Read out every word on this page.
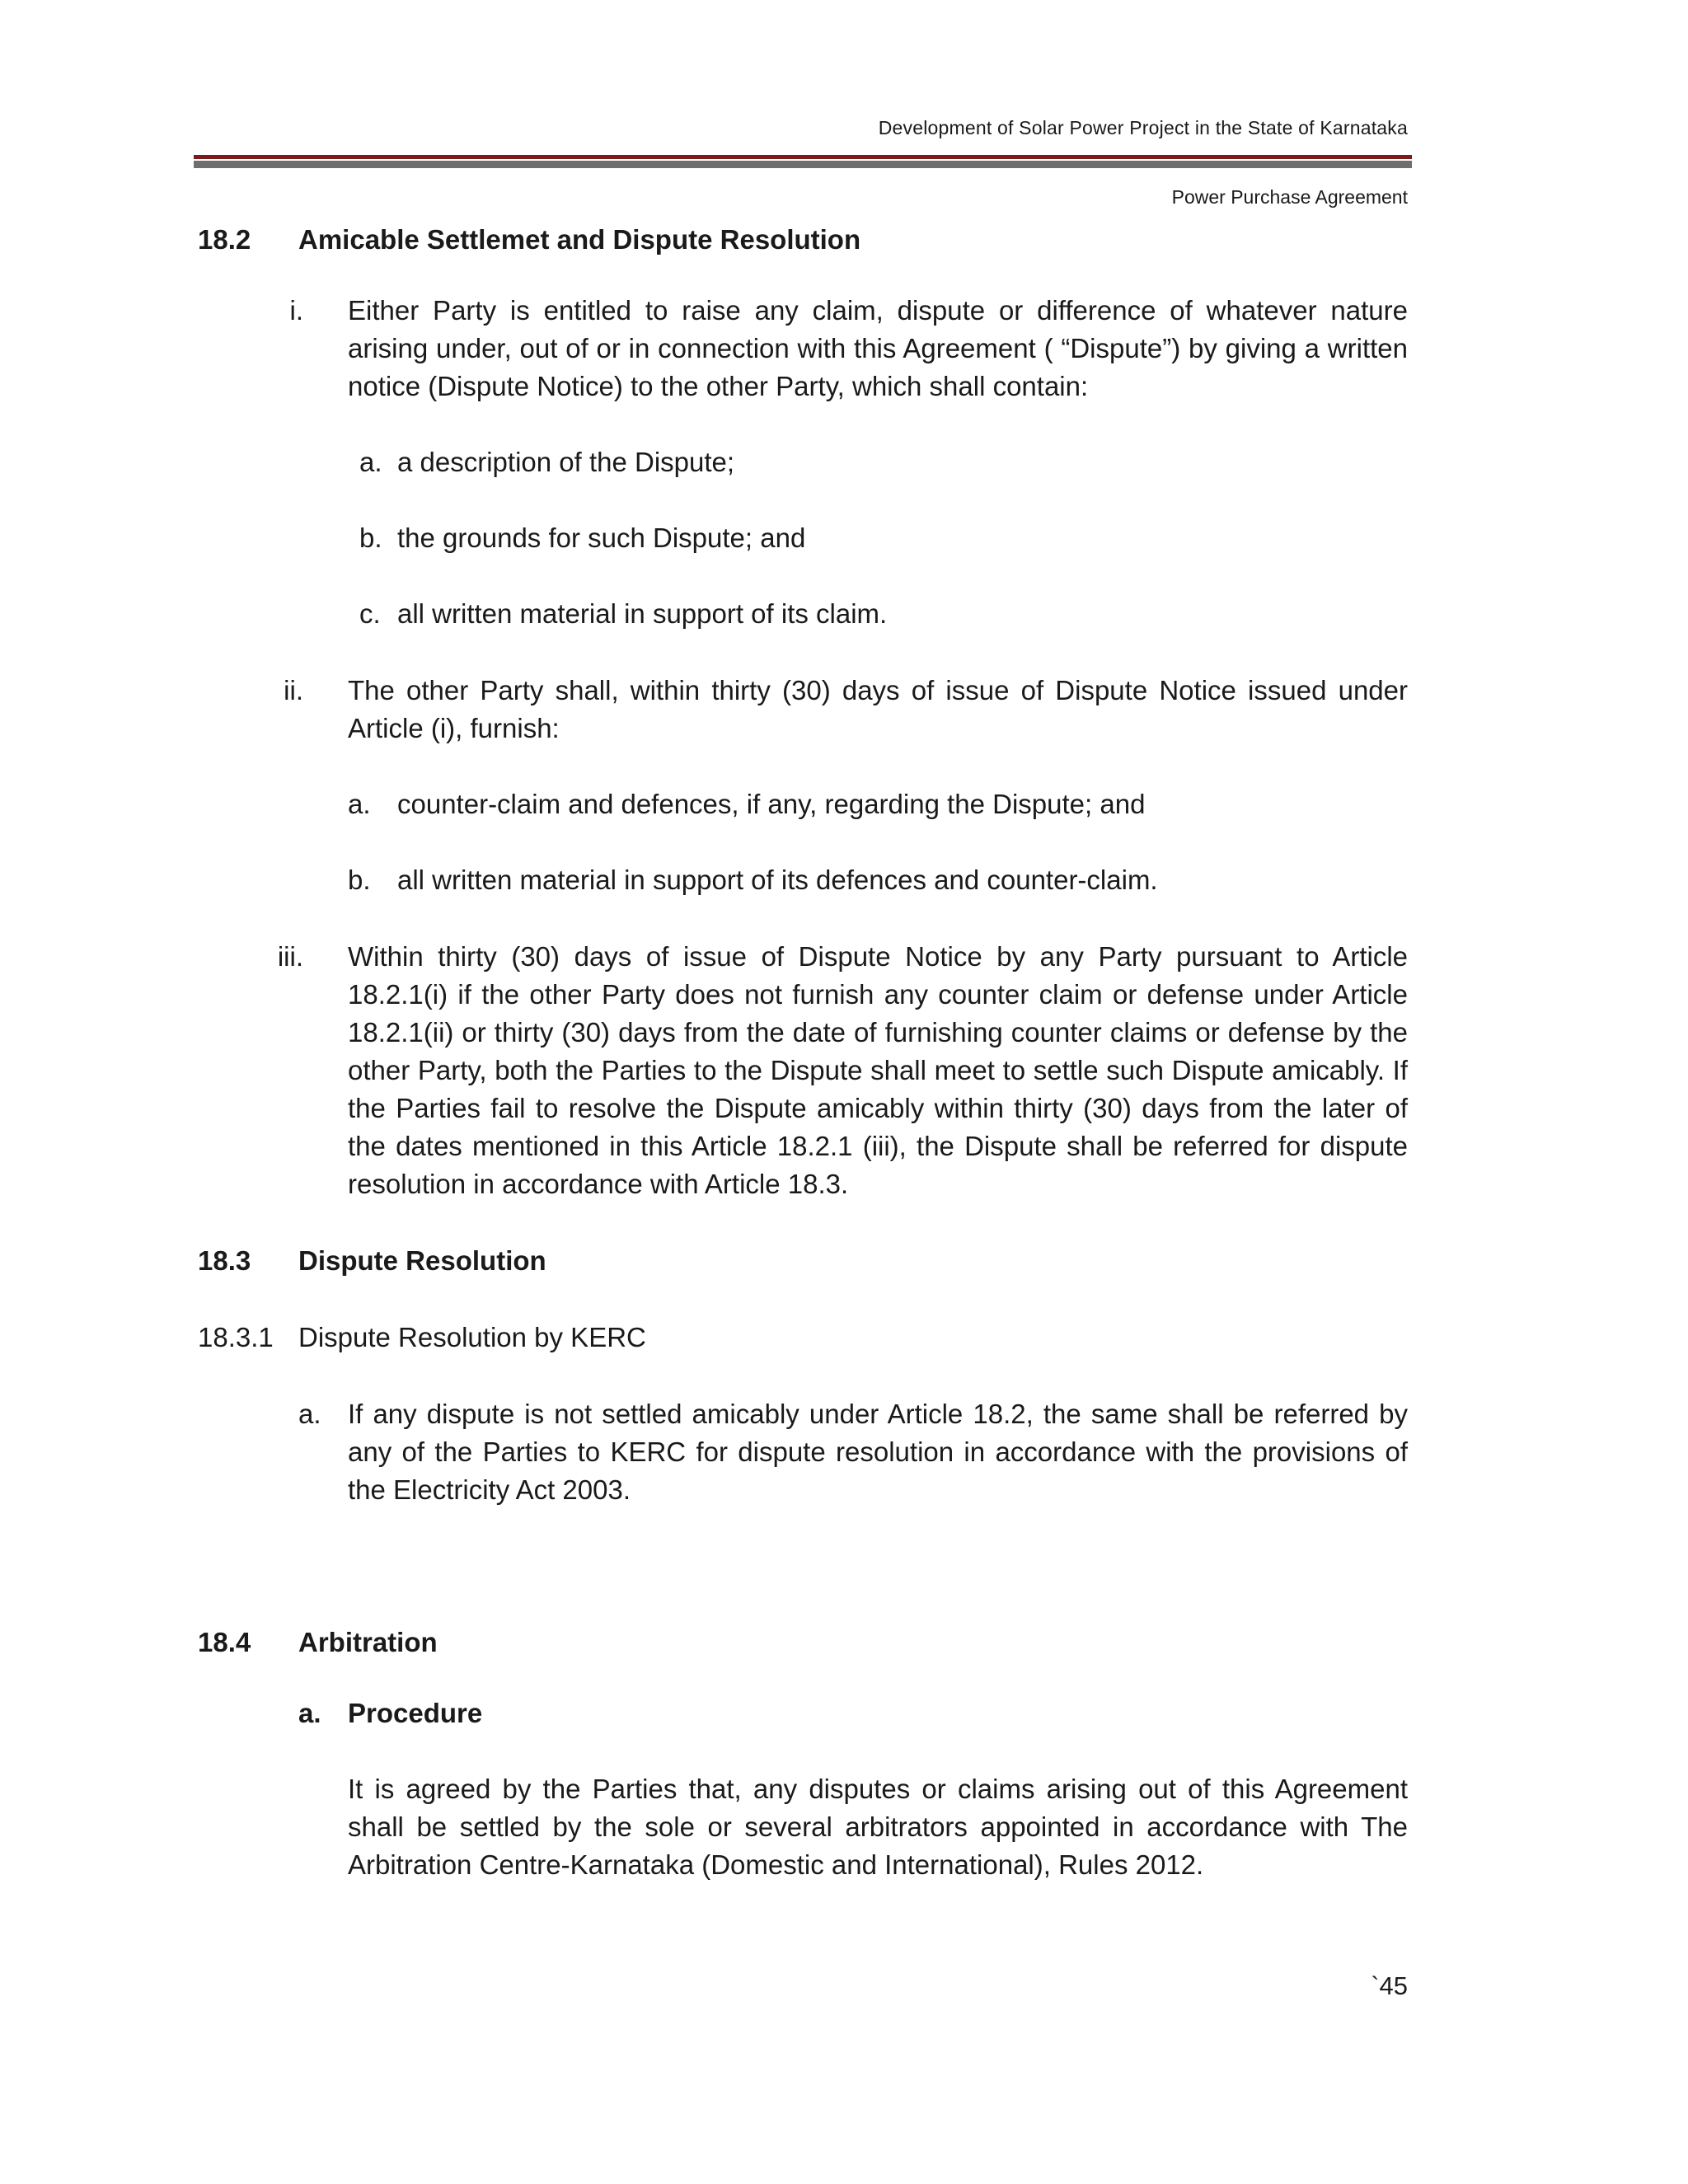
Development of Solar Power Project in the State of Karnataka
Power Purchase Agreement
18.2 Amicable Settlemet and Dispute Resolution
i. Either Party is entitled to raise any claim, dispute or difference of whatever nature arising under, out of or in connection with this Agreement ( “Dispute”) by giving a written notice (Dispute Notice) to the other Party, which shall contain:
a. a description of the Dispute;
b. the grounds for such Dispute; and
c. all written material in support of its claim.
ii. The other Party shall, within thirty (30) days of issue of Dispute Notice issued under Article (i), furnish:
a. counter-claim and defences, if any, regarding the Dispute; and
b. all written material in support of its defences and counter-claim.
iii. Within thirty (30) days of issue of Dispute Notice by any Party pursuant to Article 18.2.1(i) if the other Party does not furnish any counter claim or defense under Article 18.2.1(ii) or thirty (30) days from the date of furnishing counter claims or defense by the other Party, both the Parties to the Dispute shall meet to settle such Dispute amicably. If the Parties fail to resolve the Dispute amicably within thirty (30) days from the later of the dates mentioned in this Article 18.2.1 (iii), the Dispute shall be referred for dispute resolution in accordance with Article 18.3.
18.3 Dispute Resolution
18.3.1 Dispute Resolution by KERC
a. If any dispute is not settled amicably under Article 18.2, the same shall be referred by any of the Parties to KERC for dispute resolution in accordance with the provisions of the Electricity Act 2003.
18.4 Arbitration
a. Procedure
It is agreed by the Parties that, any disputes or claims arising out of this Agreement shall be settled by the sole or several arbitrators appointed in accordance with The Arbitration Centre-Karnataka (Domestic and International), Rules 2012.
`45
